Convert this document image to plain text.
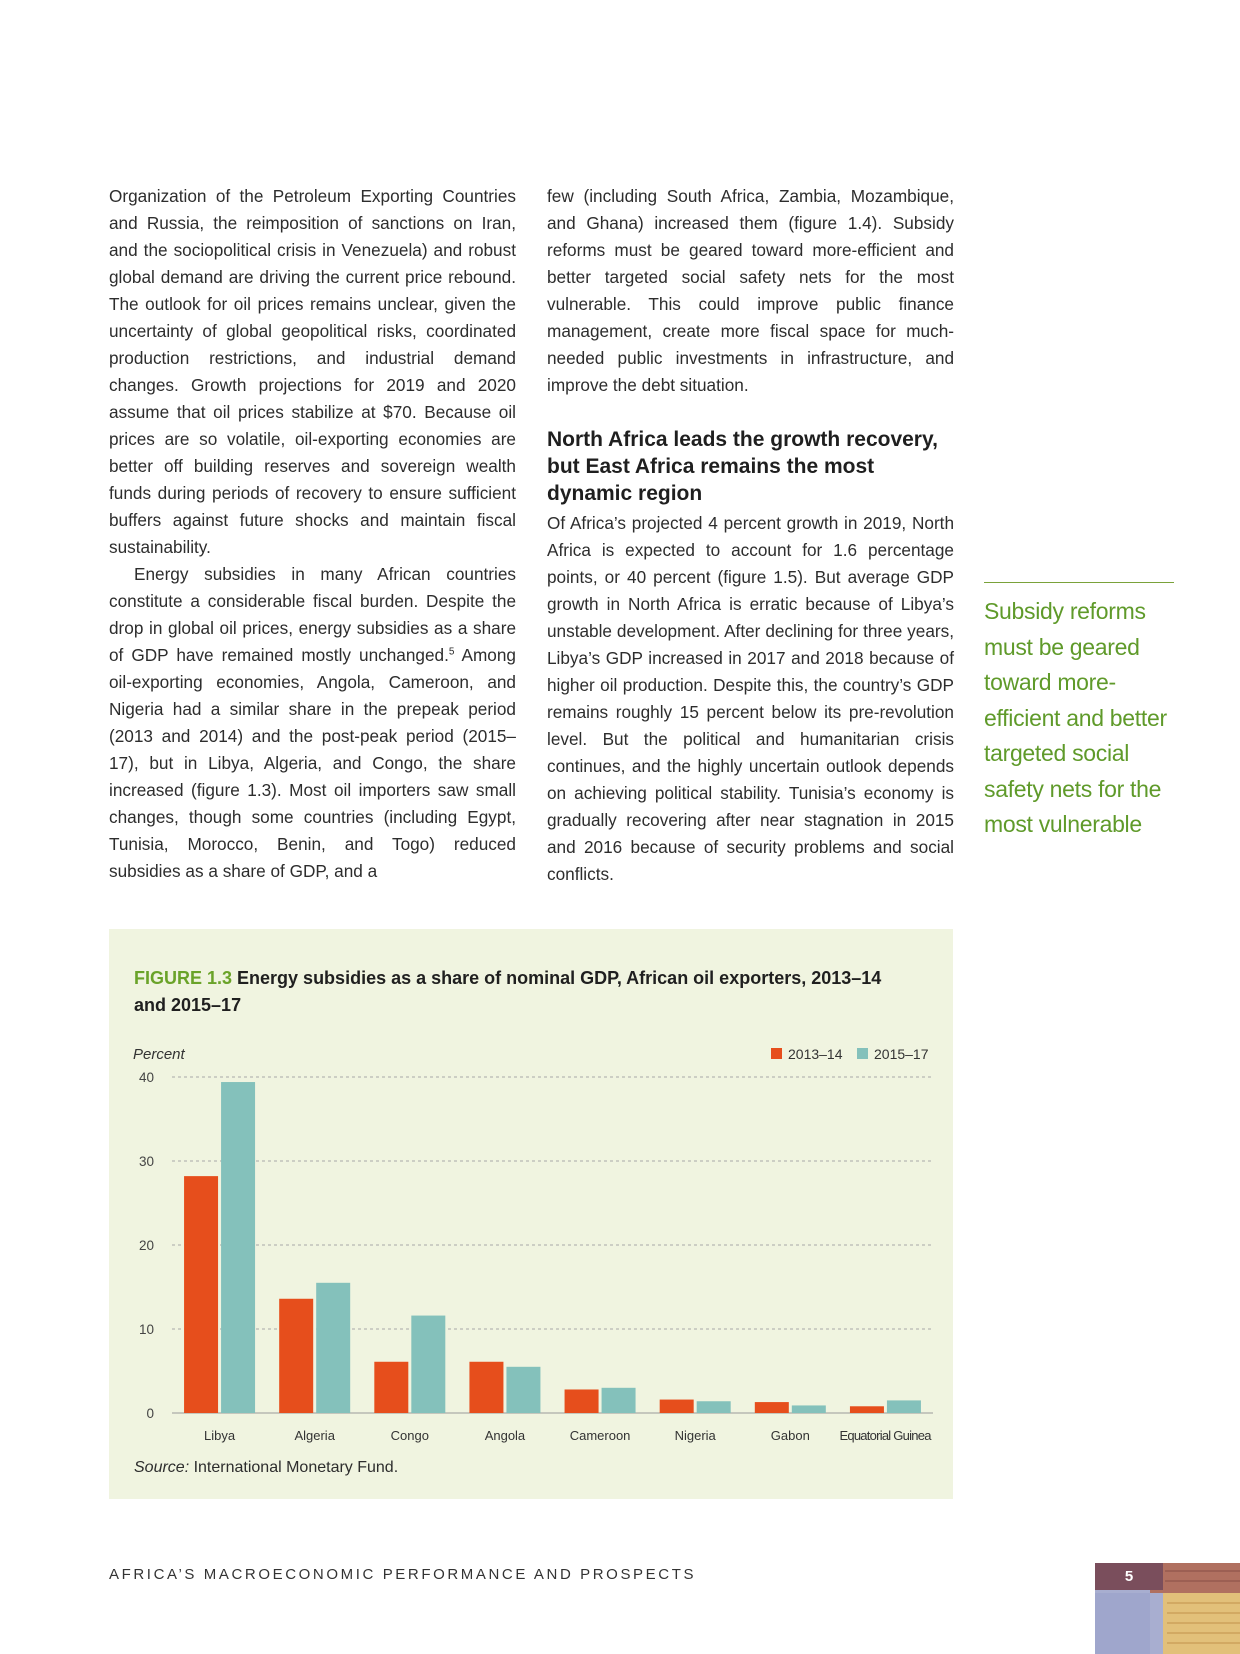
Organization of the Petroleum Exporting Countries and Russia, the reimposition of sanctions on Iran, and the sociopolitical crisis in Venezuela) and robust global demand are driving the current price rebound. The outlook for oil prices remains unclear, given the uncertainty of global geopolitical risks, coordinated production restrictions, and industrial demand changes. Growth projections for 2019 and 2020 assume that oil prices stabilize at $70. Because oil prices are so volatile, oil-exporting economies are better off building reserves and sovereign wealth funds during periods of recovery to ensure sufficient buffers against future shocks and maintain fiscal sustainability.

Energy subsidies in many African countries constitute a considerable fiscal burden. Despite the drop in global oil prices, energy subsidies as a share of GDP have remained mostly unchanged.$^5$ Among oil-exporting economies, Angola, Cameroon, and Nigeria had a similar share in the prepeak period (2013 and 2014) and the post-peak period (2015–17), but in Libya, Algeria, and Congo, the share increased (figure 1.3). Most oil importers saw small changes, though some countries (including Egypt, Tunisia, Morocco, Benin, and Togo) reduced subsidies as a share of GDP, and a

few (including South Africa, Zambia, Mozambique, and Ghana) increased them (figure 1.4). Subsidy reforms must be geared toward more-efficient and better targeted social safety nets for the most vulnerable. This could improve public finance management, create more fiscal space for much-needed public investments in infrastructure, and improve the debt situation.

North Africa leads the growth recovery, but East Africa remains the most dynamic region

Of Africa’s projected 4 percent growth in 2019, North Africa is expected to account for 1.6 percentage points, or 40 percent (figure 1.5). But average GDP growth in North Africa is erratic because of Libya’s unstable development. After declining for three years, Libya’s GDP increased in 2017 and 2018 because of higher oil production. Despite this, the country’s GDP remains roughly 15 percent below its pre-revolution level. But the political and humanitarian crisis continues, and the highly uncertain outlook depends on achieving political stability. Tunisia’s economy is gradually recovering after near stagnation in 2015 and 2016 because of security problems and social conflicts.

Subsidy reforms must be geared toward more-efficient and better targeted social safety nets for the most vulnerable
FIGURE 1.3 Energy subsidies as a share of nominal GDP, African oil exporters, 2013–14 and 2015–17
Percent
0
10
20
30
40
Libya	Algeria	Congo	Angola	Cameroon	Nigeria	Gabon Equatorial Guinea
2013–14 2015–17
Source: International Monetary Fund.
AFRICA’S MACROECONOMIC PERFORMANCE AND PROSPECTS	5
